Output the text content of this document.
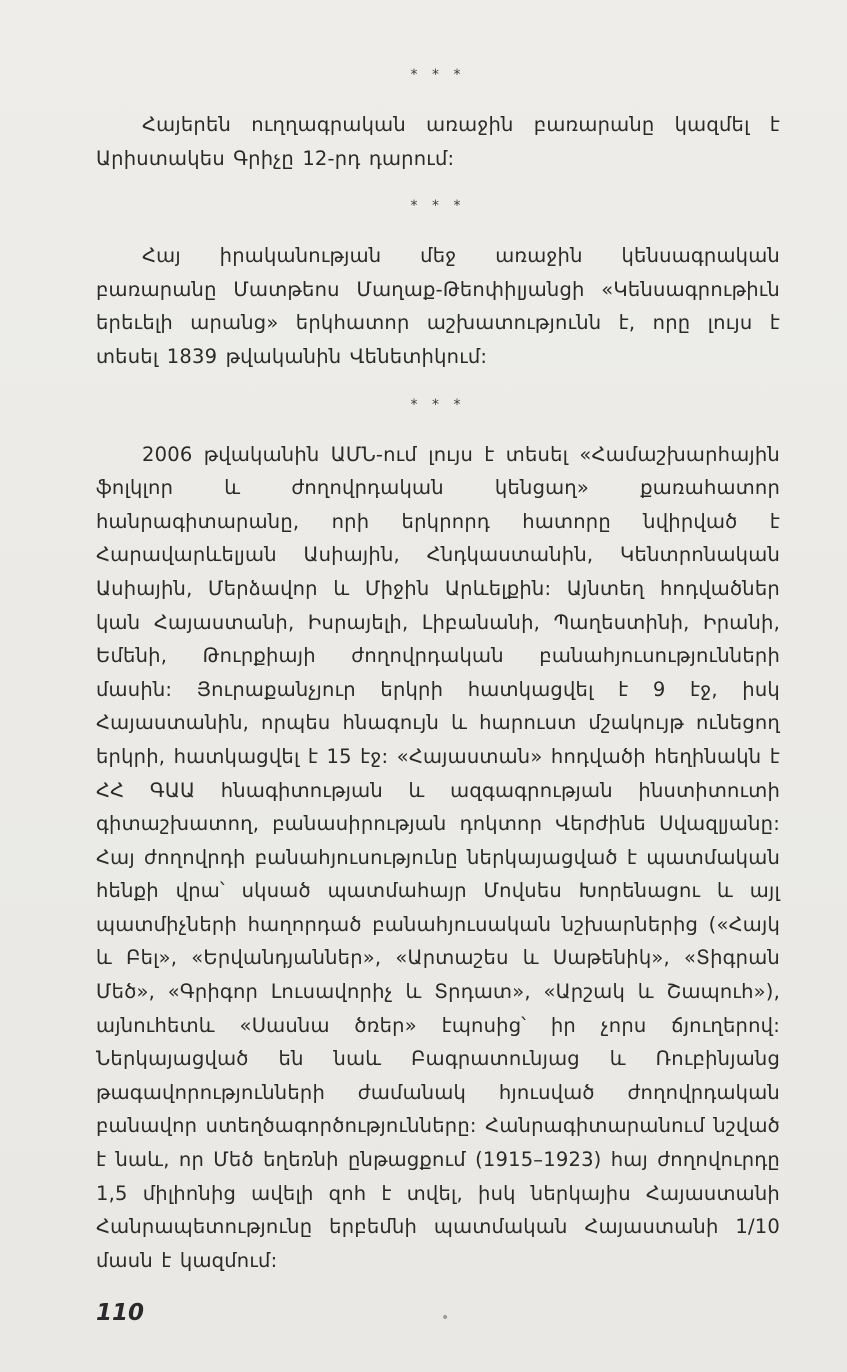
* * *

Հայերեն ուղղագրական առաջին բառարանը կազմել է Արիստակես Գրիչը 12-րդ դարում:

* * *

Հայ իրականության մեջ առաջին կենսագրական բառարանը Մատթեոս Մաղաք-Թեոփիլյանցի «Կենսագրութիւն երեւելի արանց» երկհատոր աշխատությունն է, որը լույս է տեսել 1839 թվականին Վենետիկում:

* * *

2006 թվականին ԱՄՆ-ում լույս է տեսել «Համաշխարհային ֆոլկլոր և ժողովրդական կենցաղ» քառահատոր հանրագիտարանը, որի երկրորդ հատորը նվիրված է Հարավարևելյան Ասիային, Հնդկաստանին, Կենտրոնական Ասիային, Մերձավոր և Միջին Արևելքին: Այնտեղ հոդվածներ կան Հայաստանի, Իսրայելի, Լիբանանի, Պաղեստինի, Իրանի, Եմենի, Թուրքիայի ժողովրդական բանահյուսությունների մասին: Յուրաքանչյուր երկրի հատկացվել է 9 էջ, իսկ Հայաստանին, որպես հնագույն և հարուստ մշակույթ ունեցող երկրի, հատկացվել է 15 էջ: «Հայաստան» հոդվածի հեղինակն է ՀՀ ԳԱԱ հնագիտության և ազգագրության ինստիտուտի գիտաշխատող, բանասիրության դոկտոր Վերժինե Սվազլյանը: Հայ ժողովրդի բանահյուսությունը ներկայացված է պատմական հենքի վրա՝ սկսած պատմահայր Մովսես Խորենացու և այլ պատմիչների հաղորդած բանահյուսական նշխարներից («Հայկ և Բել», «Երվանդյաններ», «Արտաշես և Սաթենիկ», «Տիգրան Մեծ», «Գրիգոր Լուսավորիչ և Տրդատ», «Արշակ և Շապուհ»), այնուհետև «Սասնա ծռեր» էպոսից՝ իր չորս ճյուղերով: Ներկայացված են նաև Բագրատունյաց և Ռուբինյանց թագավորությունների ժամանակ հյուսված ժողովրդական բանավոր ստեղծագործությունները: Հանրագիտարանում նշված է նաև, որ Մեծ եղեռնի ընթացքում (1915–1923) հայ ժողովուրդը 1,5 միլիոնից ավելի զոհ է տվել, իսկ ներկայիս Հայաստանի Հանրապետությունը երբեմնի պատմական Հայաստանի 1/10 մասն է կազմում:

110	•
